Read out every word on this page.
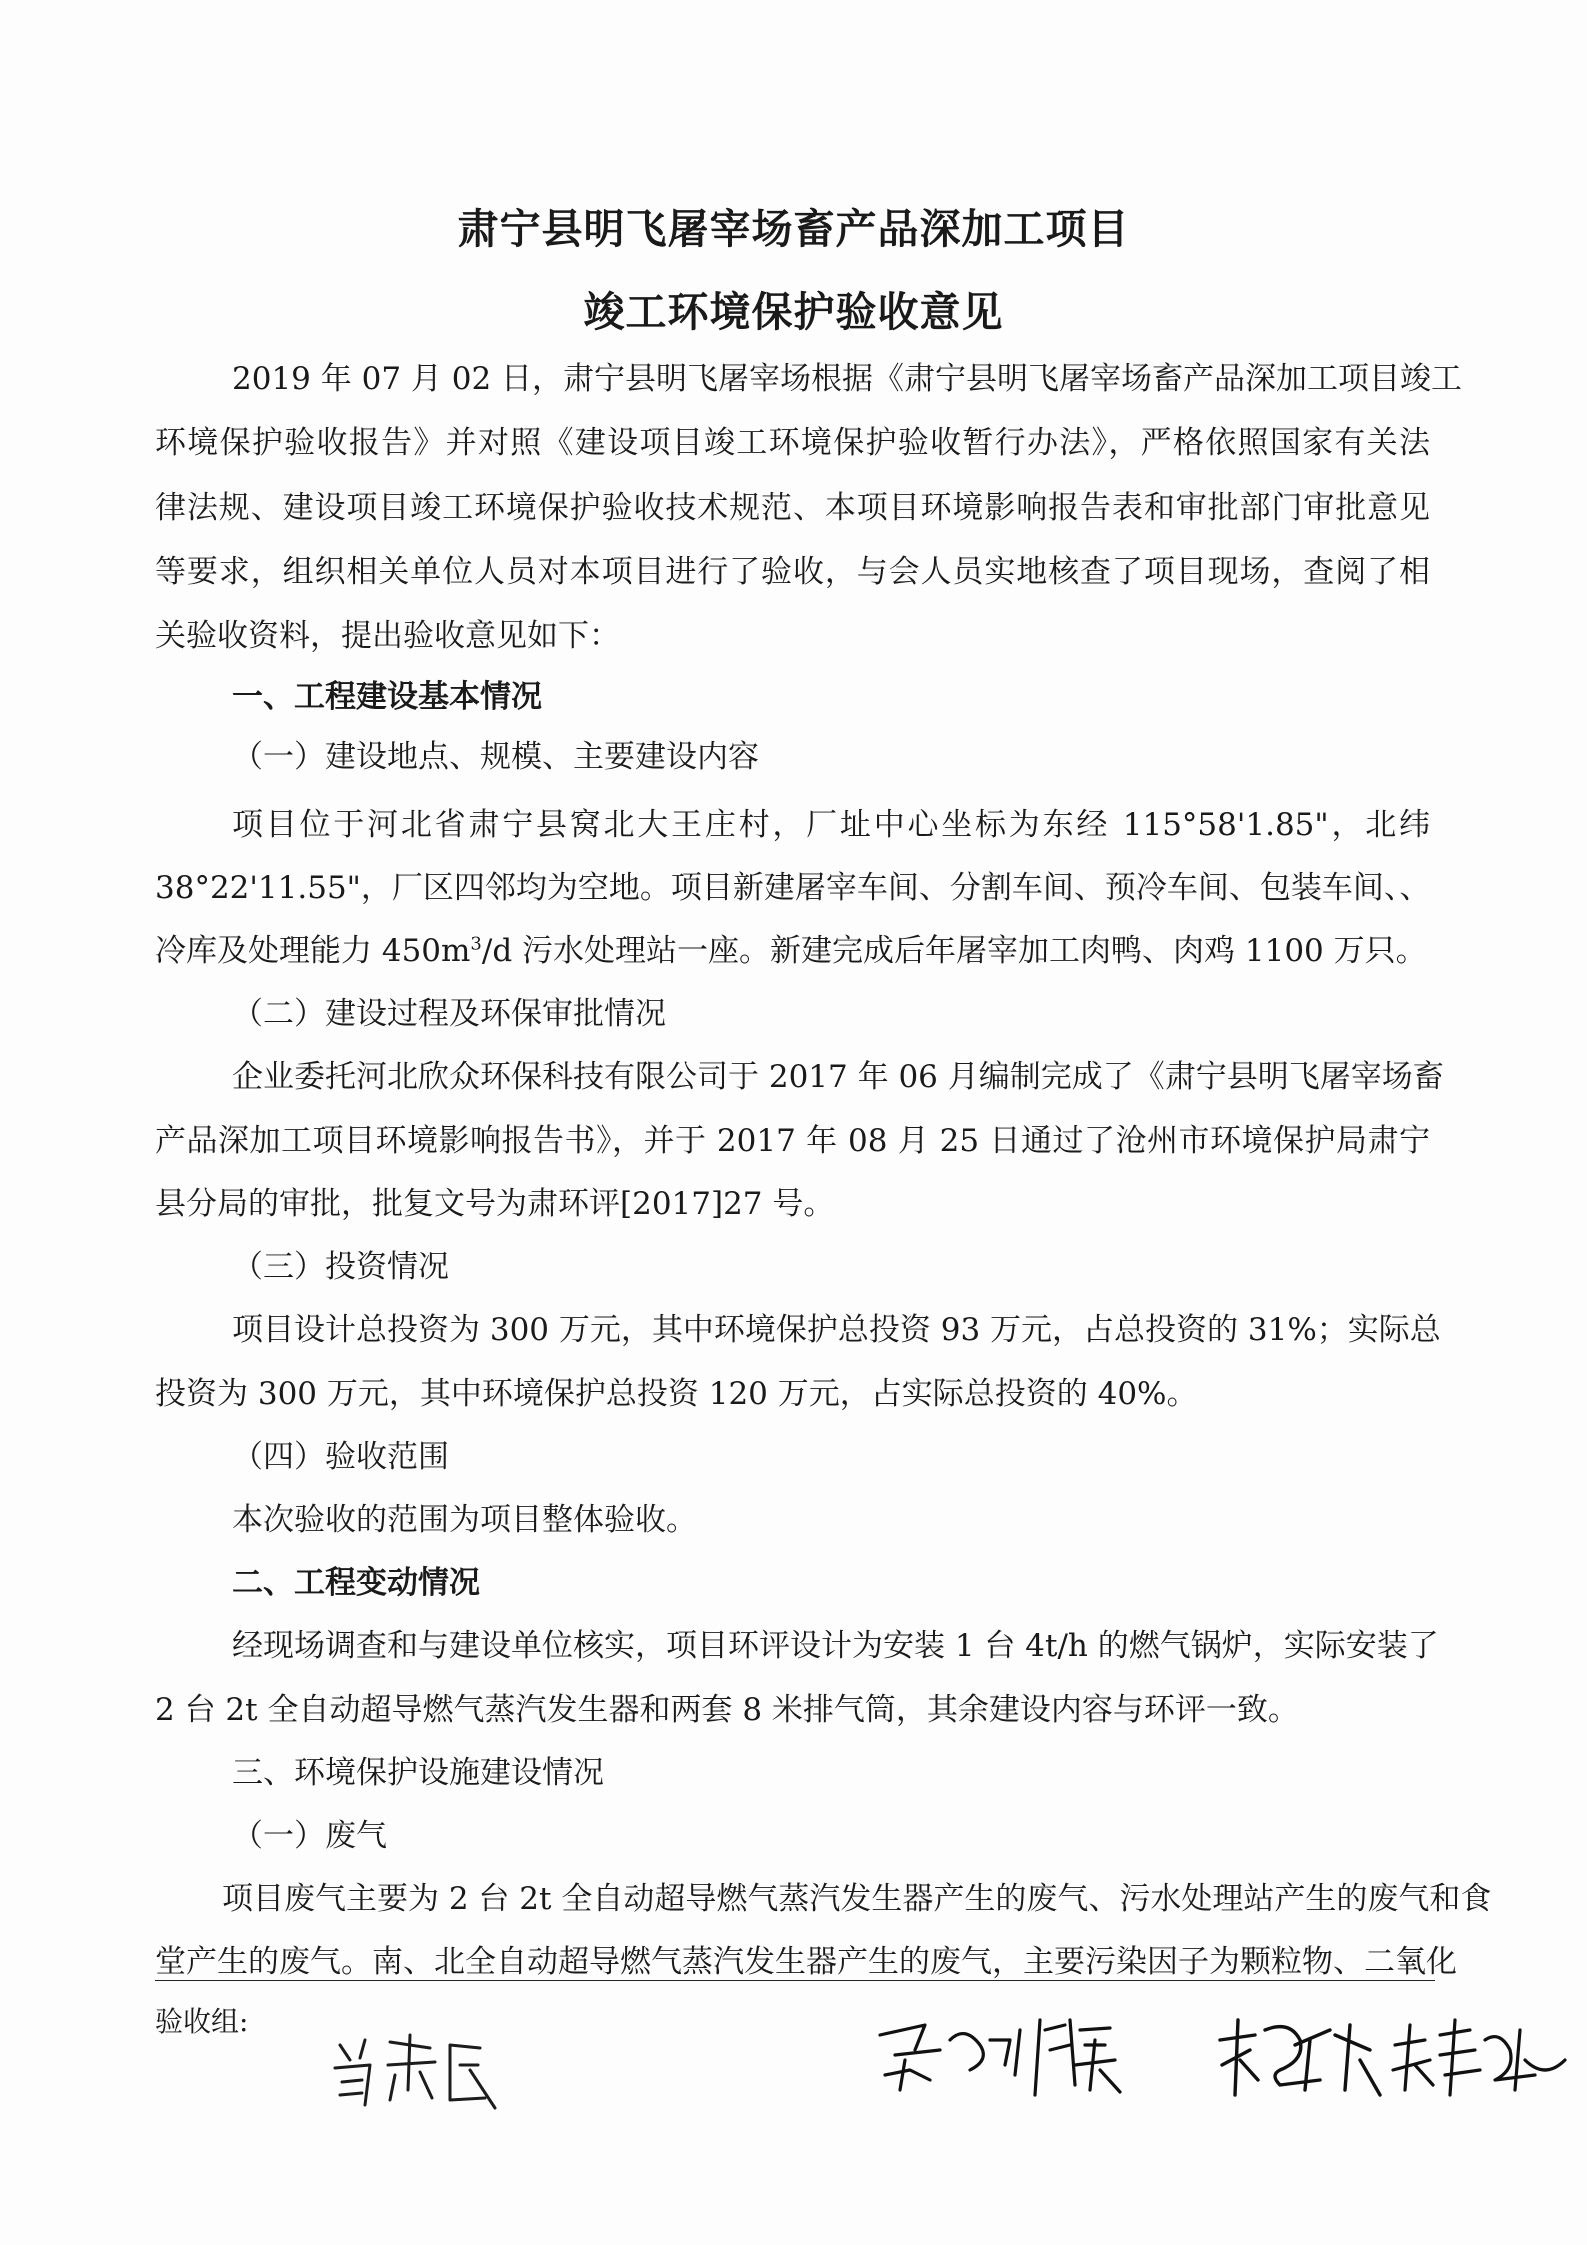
肃宁县明飞屠宰场畜产品深加工项目
竣工环境保护验收意见
2019 年 07 月 02 日，肃宁县明飞屠宰场根据《肃宁县明飞屠宰场畜产品深加工项目竣工
环境保护验收报告》并对照《建设项目竣工环境保护验收暂行办法》，严格依照国家有关法
律法规、建设项目竣工环境保护验收技术规范、本项目环境影响报告表和审批部门审批意见
等要求，组织相关单位人员对本项目进行了验收，与会人员实地核查了项目现场，查阅了相
关验收资料，提出验收意见如下：
一、工程建设基本情况
（一）建设地点、规模、主要建设内容
项目位于河北省肃宁县窝北大王庄村，厂址中心坐标为东经 115°58'1.85"，北纬
38°22'11.55"，厂区四邻均为空地。项目新建屠宰车间、分割车间、预冷车间、包装车间、、
冷库及处理能力 $450m^3/d$ 污水处理站一座。新建完成后年屠宰加工肉鸭、肉鸡 1100 万只。
（二）建设过程及环保审批情况
企业委托河北欣众环保科技有限公司于 2017 年 06 月编制完成了《肃宁县明飞屠宰场畜
产品深加工项目环境影响报告书》，并于 2017 年 08 月 25 日通过了沧州市环境保护局肃宁
县分局的审批，批复文号为肃环评[2017]27 号。
（三）投资情况
项目设计总投资为 300 万元，其中环境保护总投资 93 万元，占总投资的 31%；实际总
投资为 300 万元，其中环境保护总投资 120 万元，占实际总投资的 40%。
（四）验收范围
本次验收的范围为项目整体验收。
二、工程变动情况
经现场调查和与建设单位核实，项目环评设计为安装 1 台 4t/h 的燃气锅炉，实际安装了
2 台 2t 全自动超导燃气蒸汽发生器和两套 8 米排气筒，其余建设内容与环评一致。
三、环境保护设施建设情况
（一）废气
项目废气主要为 2 台 2t 全自动超导燃气蒸汽发生器产生的废气、污水处理站产生的废气和食
堂产生的废气。南、北全自动超导燃气蒸汽发生器产生的废气，主要污染因子为颗粒物、二氧化
验收组:
